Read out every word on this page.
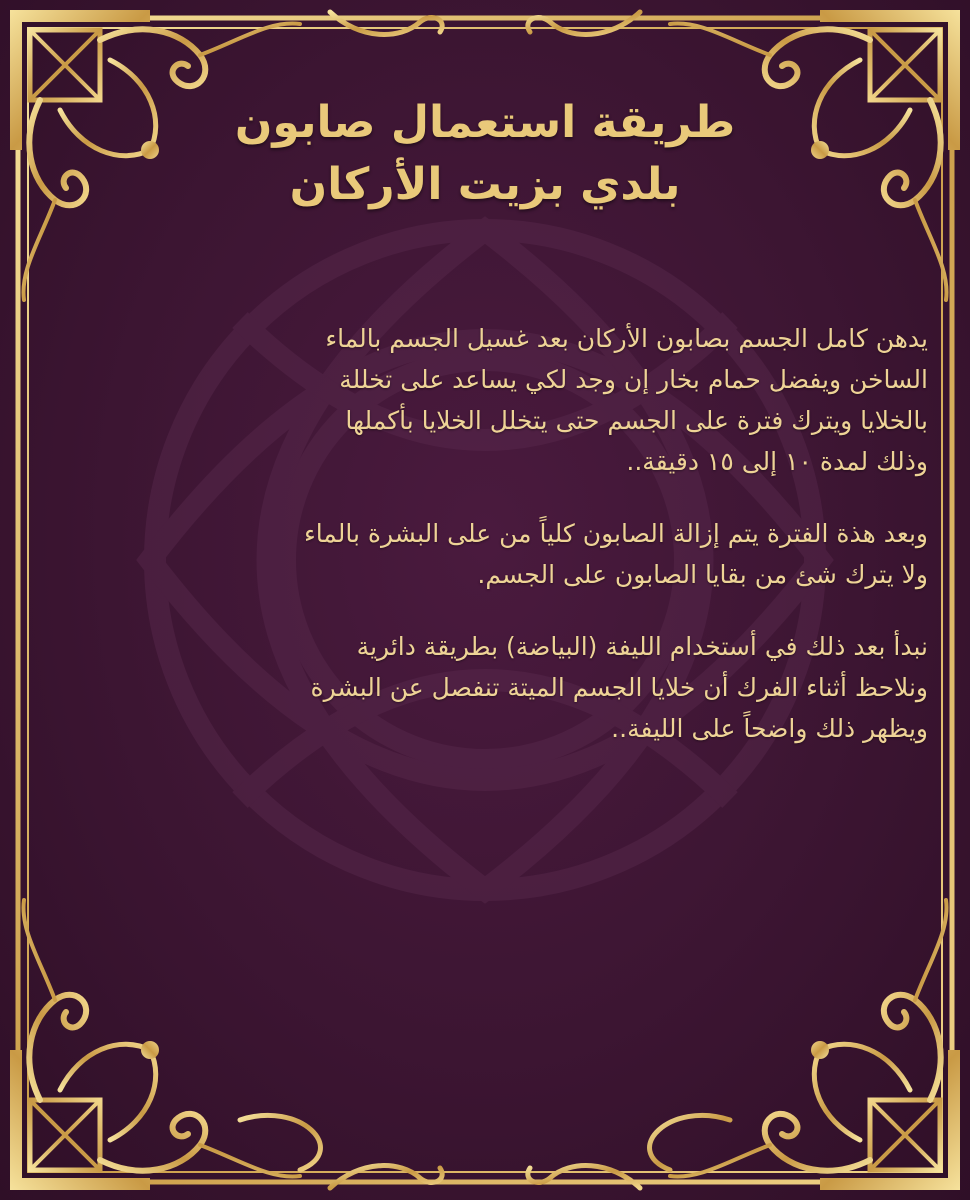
طريقة استعمال صابون
بلدي بزيت الأركان

يدهن كامل الجسم بصابون الأركان بعد غسيل الجسم بالماء
الساخن ويفضل حمام بخار إن وجد لكي يساعد على تخللة
بالخلايا ويترك فترة على الجسم حتى يتخلل الخلايا بأكملها
وذلك لمدة ١٠ إلى ١٥ دقيقة..

وبعد هذة الفترة يتم إزالة الصابون كلياً من على البشرة بالماء
ولا يترك شئ من بقايا الصابون على الجسم.

نبدأ بعد ذلك في أستخدام الليفة (البياضة) بطريقة دائرية
ونلاحظ أثناء الفرك أن خلايا الجسم الميتة تنفصل عن البشرة
ويظهر ذلك واضحاً على الليفة..
